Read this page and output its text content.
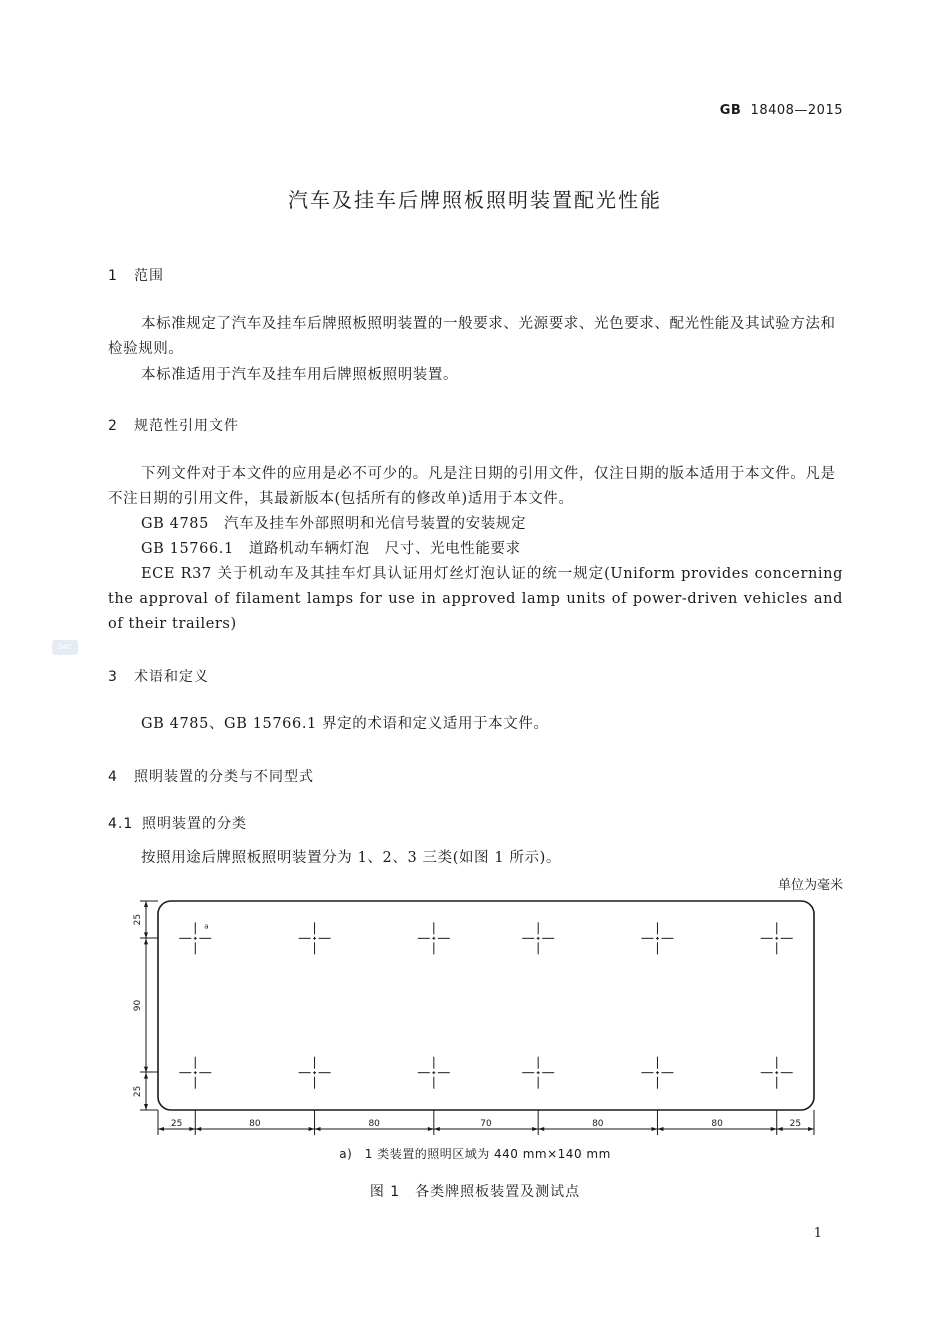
GB 18408—2015
汽车及挂车后牌照板照明装置配光性能
1 范围
本标准规定了汽车及挂车后牌照板照明装置的一般要求、光源要求、光色要求、配光性能及其试验方法和检验规则。
本标准适用于汽车及挂车用后牌照板照明装置。
2 规范性引用文件
下列文件对于本文件的应用是必不可少的。凡是注日期的引用文件，仅注日期的版本适用于本文件。凡是不注日期的引用文件，其最新版本(包括所有的修改单)适用于本文件。
GB 4785　汽车及挂车外部照明和光信号装置的安装规定
GB 15766.1　道路机动车辆灯泡　尺寸、光电性能要求
ECE R37 关于机动车及其挂车灯具认证用灯丝灯泡认证的统一规定(Uniform provides concerning the approval of filament lamps for use in approved lamp units of power-driven vehicles and of their trailers)
SAC
3 术语和定义
GB 4785、GB 15766.1 界定的术语和定义适用于本文件。
4 照明装置的分类与不同型式
4.1 照明装置的分类
按照用途后牌照板照明装置分为 1、2、3 三类(如图 1 所示)。
单位为毫米
a
25	80	80	70	80	80	25
25
90
25
a)　1 类装置的照明区域为 440 mm×140 mm
图 1　各类牌照板装置及测试点
1
